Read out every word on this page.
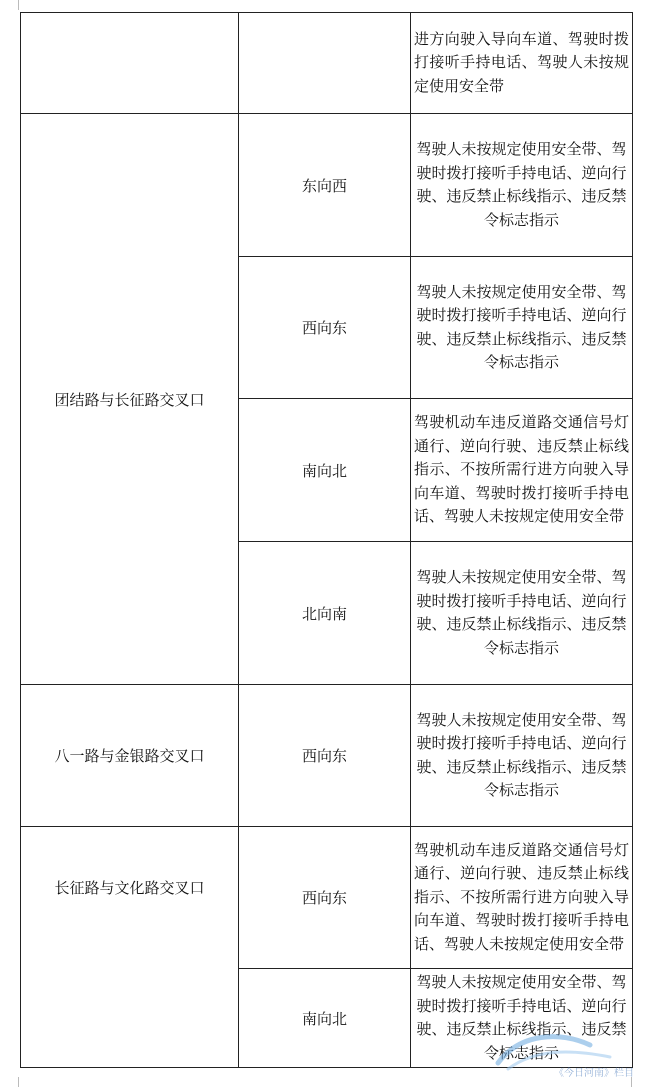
		进方向驶入导向车道、驾驶时拨打接听手持电话、驾驶人未按规定使用安全带
团结路与长征路交叉口	东向西	驾驶人未按规定使用安全带、驾驶时拨打接听手持电话、逆向行驶、违反禁止标线指示、违反禁令标志指示
	西向东	驾驶人未按规定使用安全带、驾驶时拨打接听手持电话、逆向行驶、违反禁止标线指示、违反禁令标志指示
	南向北	驾驶机动车违反道路交通信号灯通行、逆向行驶、违反禁止标线指示、不按所需行进方向驶入导向车道、驾驶时拨打接听手持电话、驾驶人未按规定使用安全带
	北向南	驾驶人未按规定使用安全带、驾驶时拨打接听手持电话、逆向行驶、违反禁止标线指示、违反禁令标志指示
八一路与金银路交叉口	西向东	驾驶人未按规定使用安全带、驾驶时拨打接听手持电话、逆向行驶、违反禁止标线指示、违反禁令标志指示
长征路与文化路交叉口	西向东	驾驶机动车违反道路交通信号灯通行、逆向行驶、违反禁止标线指示、不按所需行进方向驶入导向车道、驾驶时拨打接听手持电话、驾驶人未按规定使用安全带
	南向北	驾驶人未按规定使用安全带、驾驶时拨打接听手持电话、逆向行驶、违反禁止标线指示、违反禁令标志指示
《今日河南》栏目
